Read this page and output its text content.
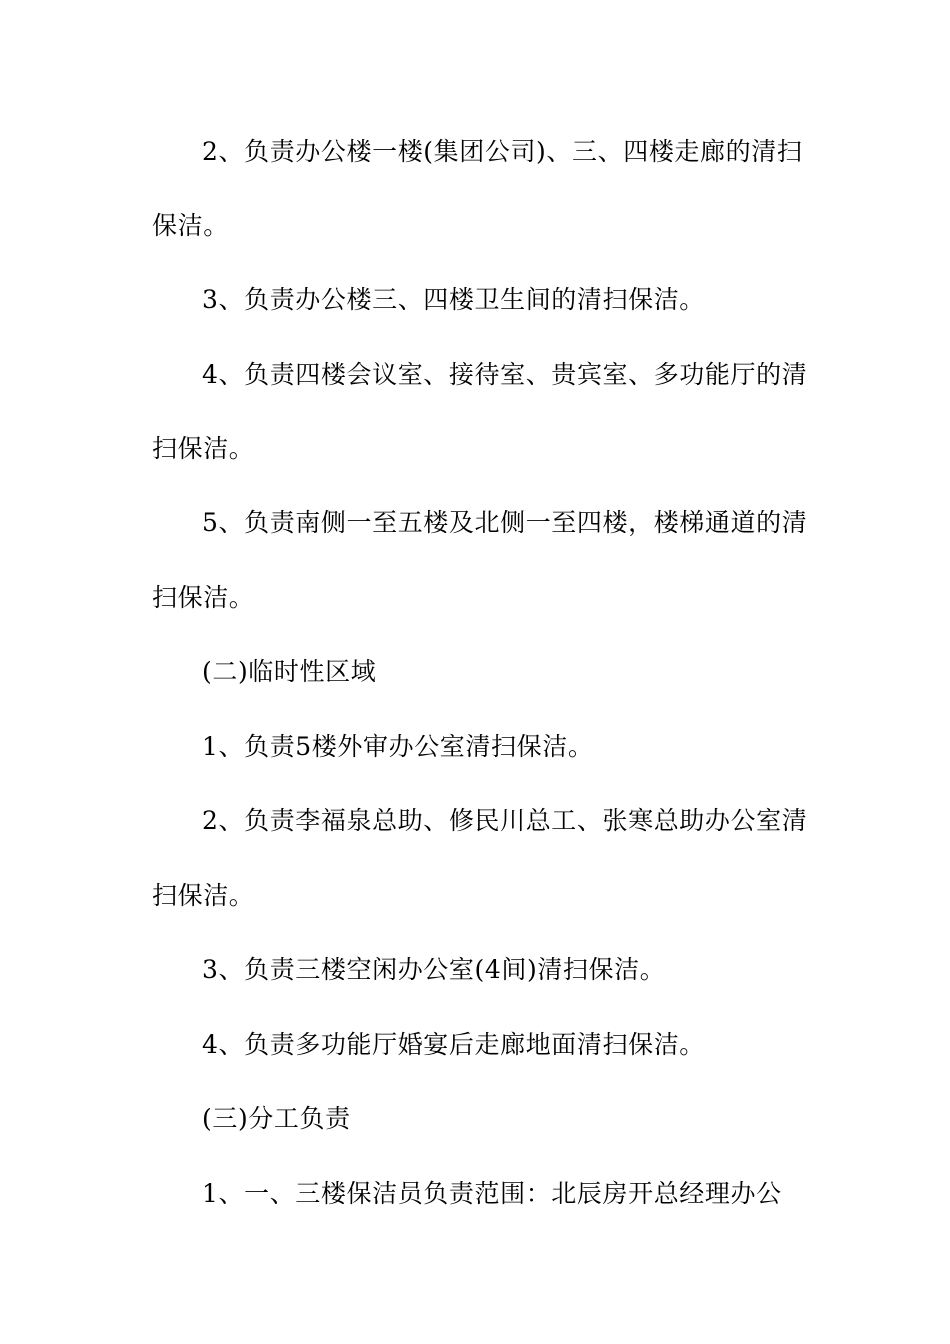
2、负责办公楼一楼(集团公司)、三、四楼走廊的清扫
保洁。
3、负责办公楼三、四楼卫生间的清扫保洁。
4、负责四楼会议室、接待室、贵宾室、多功能厅的清
扫保洁。
5、负责南侧一至五楼及北侧一至四楼，楼梯通道的清
扫保洁。
(二)临时性区域
1、负责5楼外审办公室清扫保洁。
2、负责李福泉总助、修民川总工、张寒总助办公室清
扫保洁。
3、负责三楼空闲办公室(4间)清扫保洁。
4、负责多功能厅婚宴后走廊地面清扫保洁。
(三)分工负责
1、一、三楼保洁员负责范围：北辰房开总经理办公
